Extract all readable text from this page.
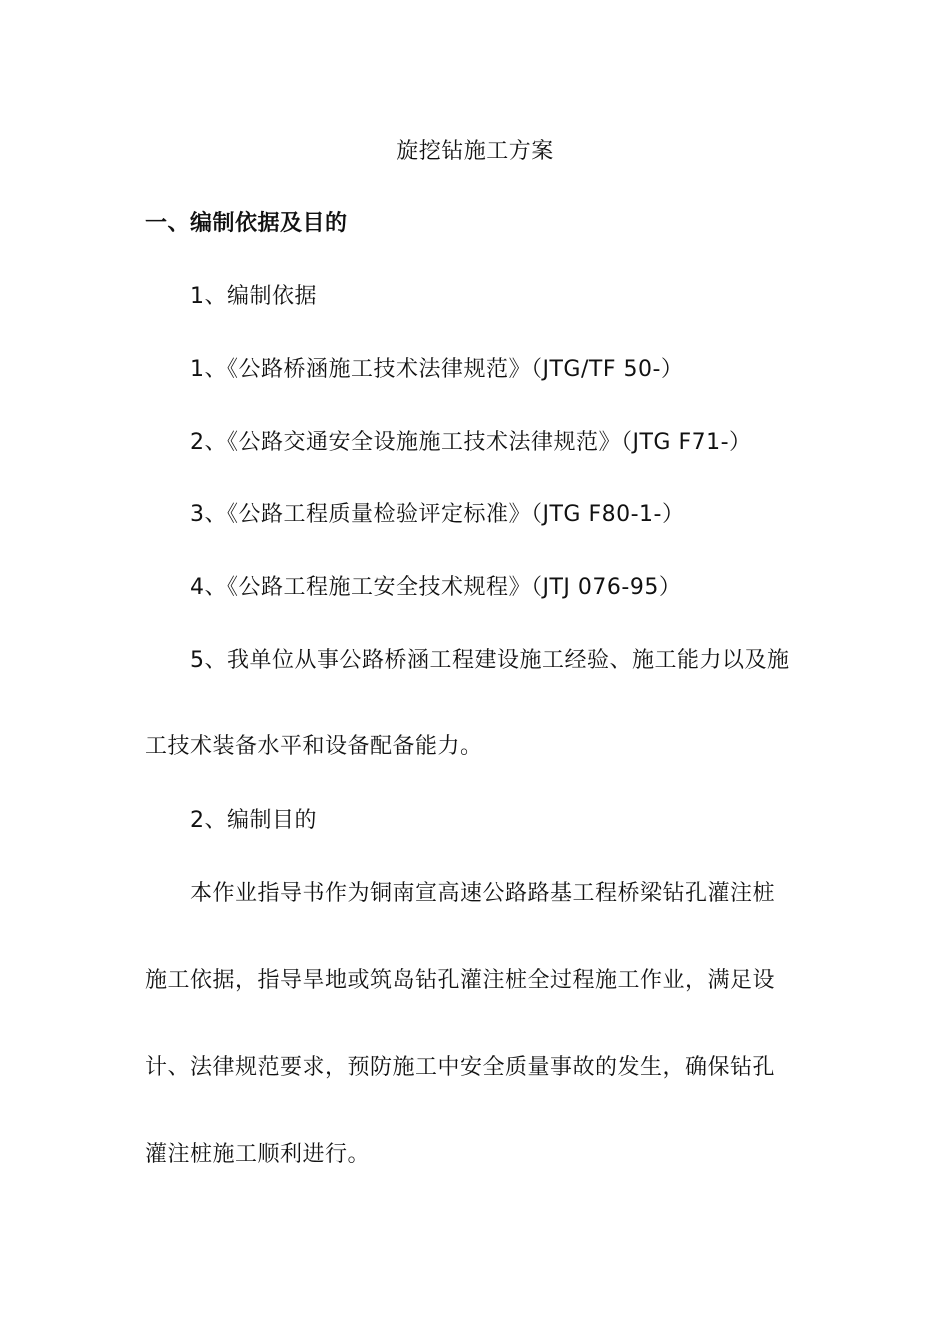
旋挖钻施工方案
一、编制依据及目的
1、编制依据
1、《公路桥涵施工技术法律规范》（JTG/TF 50-）
2、《公路交通安全设施施工技术法律规范》（JTG F71-）
3、《公路工程质量检验评定标准》（JTG F80-1-）
4、《公路工程施工安全技术规程》（JTJ 076-95）
5、我单位从事公路桥涵工程建设施工经验、施工能力以及施
工技术装备水平和设备配备能力。
2、编制目的
本作业指导书作为铜南宣高速公路路基工程桥梁钻孔灌注桩
施工依据，指导旱地或筑岛钻孔灌注桩全过程施工作业，满足设
计、法律规范要求，预防施工中安全质量事故的发生，确保钻孔
灌注桩施工顺利进行。
